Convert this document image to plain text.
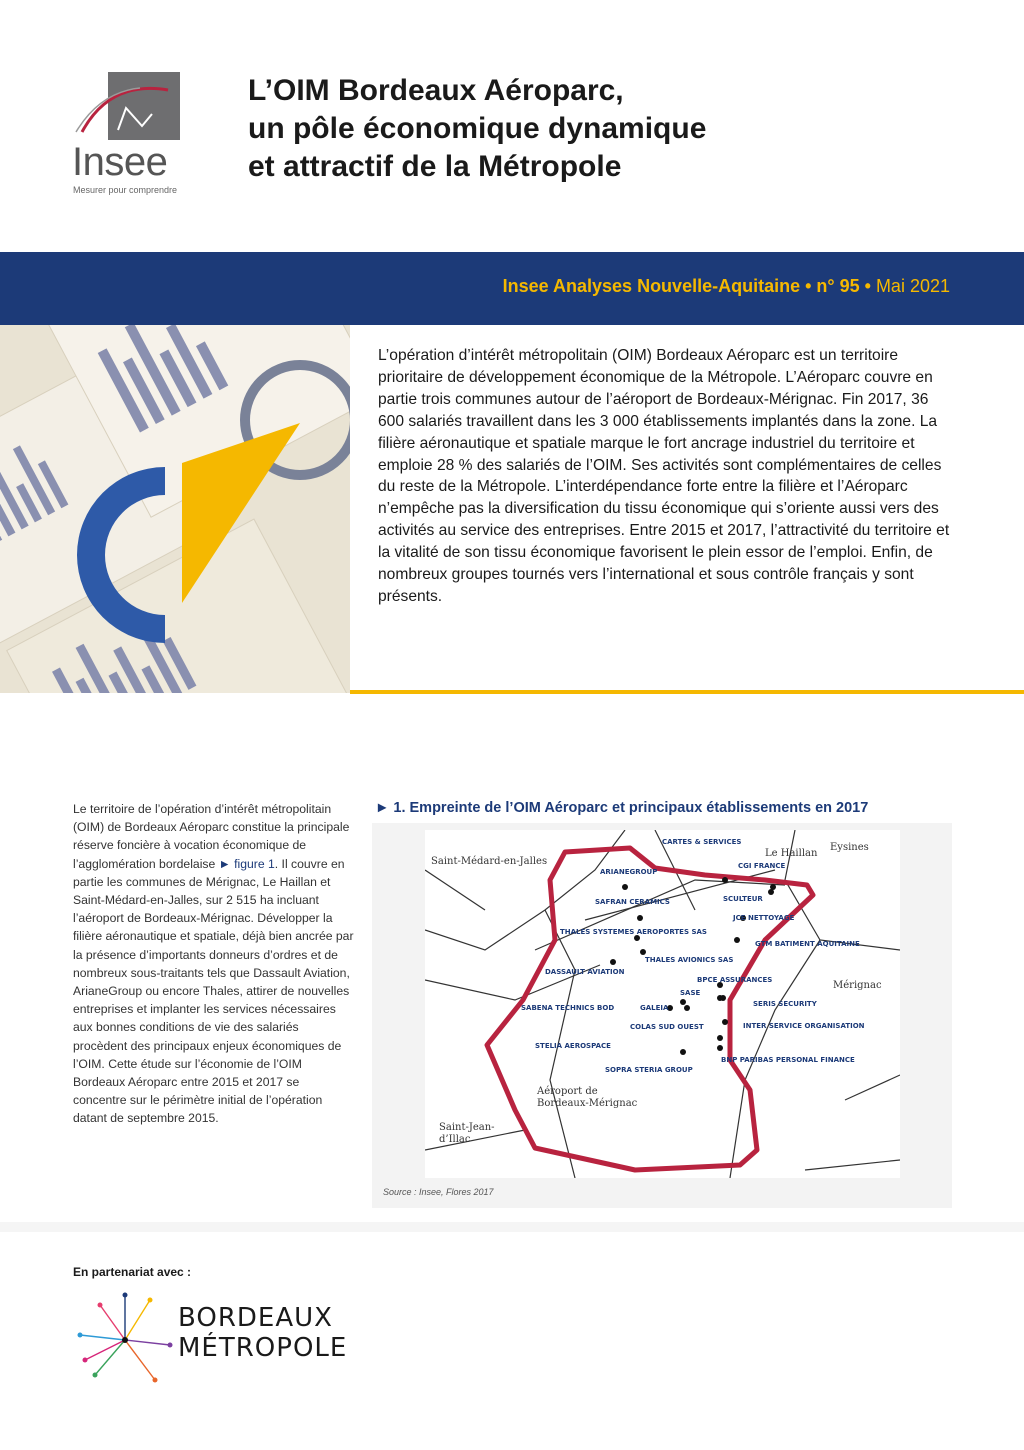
Insee
Mesurer pour comprendre
L’OIM Bordeaux Aéroparc,
un pôle économique dynamique
et attractif de la Métropole
Insee Analyses Nouvelle-Aquitaine • n° 95 • Mai 2021
L’opération d’intérêt métropolitain (OIM) Bordeaux Aéroparc est un territoire prioritaire de développement économique de la Métropole. L’Aéroparc couvre en partie trois communes autour de l’aéroport de Bordeaux-Mérignac. Fin 2017, 36 600 salariés travaillent dans les 3 000 établissements implantés dans la zone. La filière aéronautique et spatiale marque le fort ancrage industriel du territoire et emploie 28 % des salariés de l’OIM. Ses activités sont complémentaires de celles du reste de la Métropole. L’interdépendance forte entre la filière et l’Aéroparc n’empêche pas la diversification du tissu économique qui s’oriente aussi vers des activités au service des entreprises. Entre 2015 et 2017, l’attractivité du territoire et la vitalité de son tissu économique favorisent le plein essor de l’emploi. Enfin, de nombreux groupes tournés vers l’international et sous contrôle français y sont présents.
Le territoire de l’opération d’intérêt métropolitain (OIM) de Bordeaux Aéroparc constitue la principale réserve foncière à vocation économique de l’agglomération bordelaise ► figure 1. Il couvre en partie les communes de Mérignac, Le Haillan et Saint-Médard-en-Jalles, sur 2 515 ha incluant l’aéroport de Bordeaux-Mérignac. Développer la filière aéronautique et spatiale, déjà bien ancrée par la présence d’importants donneurs d’ordres et de nombreux sous-traitants tels que Dassault Aviation, ArianeGroup ou encore Thales, attirer de nouvelles entreprises et implanter les services nécessaires aux bonnes conditions de vie des salariés procèdent des principaux enjeux économiques de l’OIM. Cette étude sur l’économie de l’OIM Bordeaux Aéroparc entre 2015 et 2017 se concentre sur le périmètre initial de l’opération datant de septembre 2015.
► 1. Empreinte de l’OIM Aéroparc et principaux établissements en 2017
Saint-Médard-en-Jalles
Le Haillan
Eysines
Mérignac
Aéroport de Bordeaux-Mérignac
Saint-Jean-d’Illac
CARTES & SERVICES
CGI FRANCE
ARIANEGROUP
SCULTEUR
SAFRAN CERAMICS
JCE NETTOYAGE
THALES SYSTEMES AEROPORTES SAS
GTM BATIMENT AQUITAINE
THALES AVIONICS SAS
DASSAULT AVIATION
BPCE ASSURANCES
SASE
SABENA TECHNICS BOD	GALEIA	SERIS SECURITY
COLAS SUD OUEST	INTER SERVICE ORGANISATION
STELIA AEROSPACE
BNP PARIBAS PERSONAL FINANCE
SOPRA STERIA GROUP
Source : Insee, Flores 2017
En partenariat avec :
BORDEAUX
MÉTROPOLE
